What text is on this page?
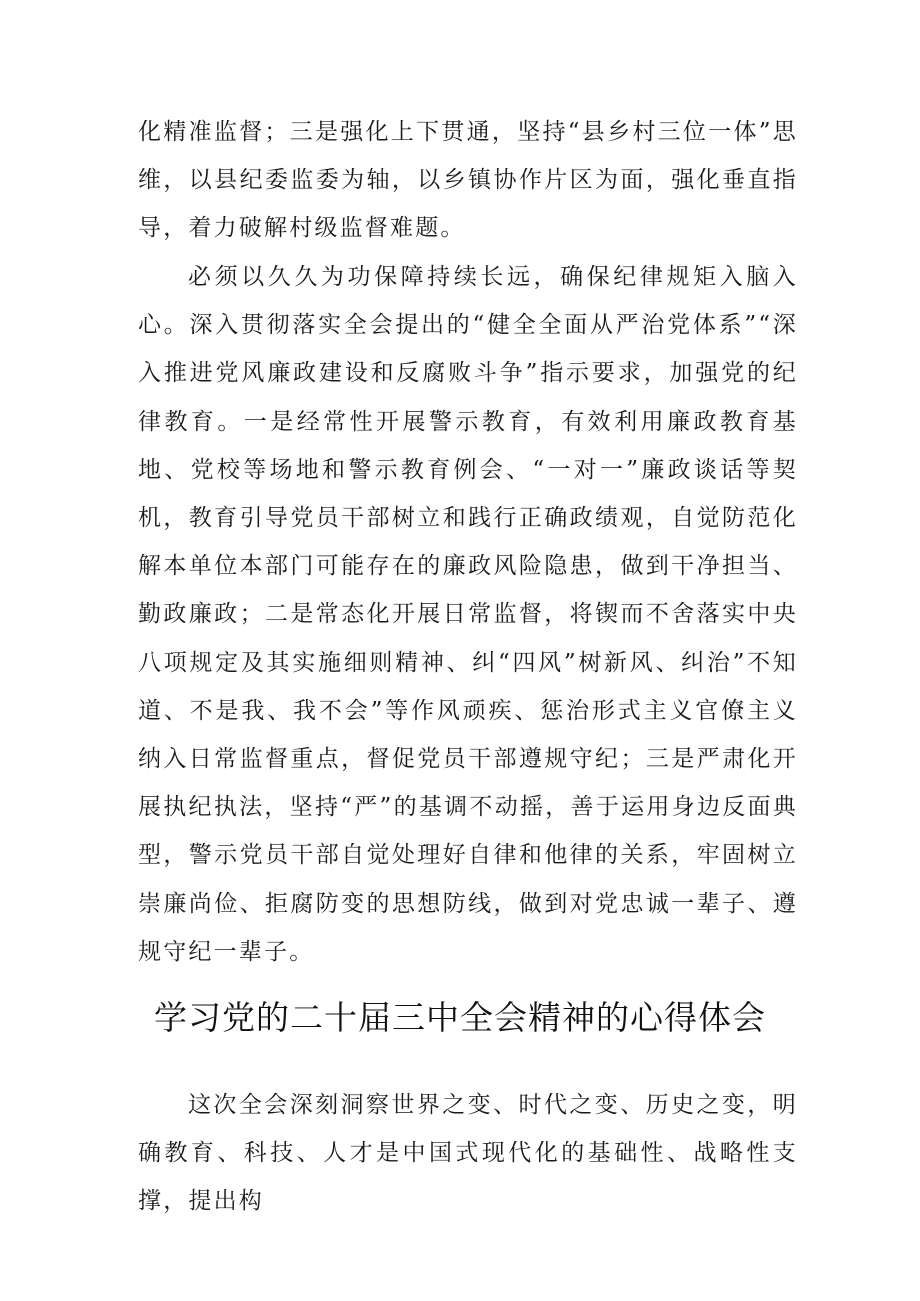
化精准监督；三是强化上下贯通，坚持“县乡村三位一体”思维，以县纪委监委为轴，以乡镇协作片区为面，强化垂直指导，着力破解村级监督难题。

必须以久久为功保障持续长远，确保纪律规矩入脑入心。深入贯彻落实全会提出的“健全全面从严治党体系”“深入推进党风廉政建设和反腐败斗争”指示要求，加强党的纪律教育。一是经常性开展警示教育，有效利用廉政教育基地、党校等场地和警示教育例会、“一对一”廉政谈话等契机，教育引导党员干部树立和践行正确政绩观，自觉防范化解本单位本部门可能存在的廉政风险隐患，做到干净担当、勤政廉政；二是常态化开展日常监督，将锲而不舍落实中央八项规定及其实施细则精神、纠“四风”树新风、纠治”不知道、不是我、我不会”等作风顽疾、惩治形式主义官僚主义纳入日常监督重点，督促党员干部遵规守纪；三是严肃化开展执纪执法，坚持“严”的基调不动摇，善于运用身边反面典型，警示党员干部自觉处理好自律和他律的关系，牢固树立崇廉尚俭、拒腐防变的思想防线，做到对党忠诚一辈子、遵规守纪一辈子。

学习党的二十届三中全会精神的心得体会

这次全会深刻洞察世界之变、时代之变、历史之变，明确教育、科技、人才是中国式现代化的基础性、战略性支撑，提出构
